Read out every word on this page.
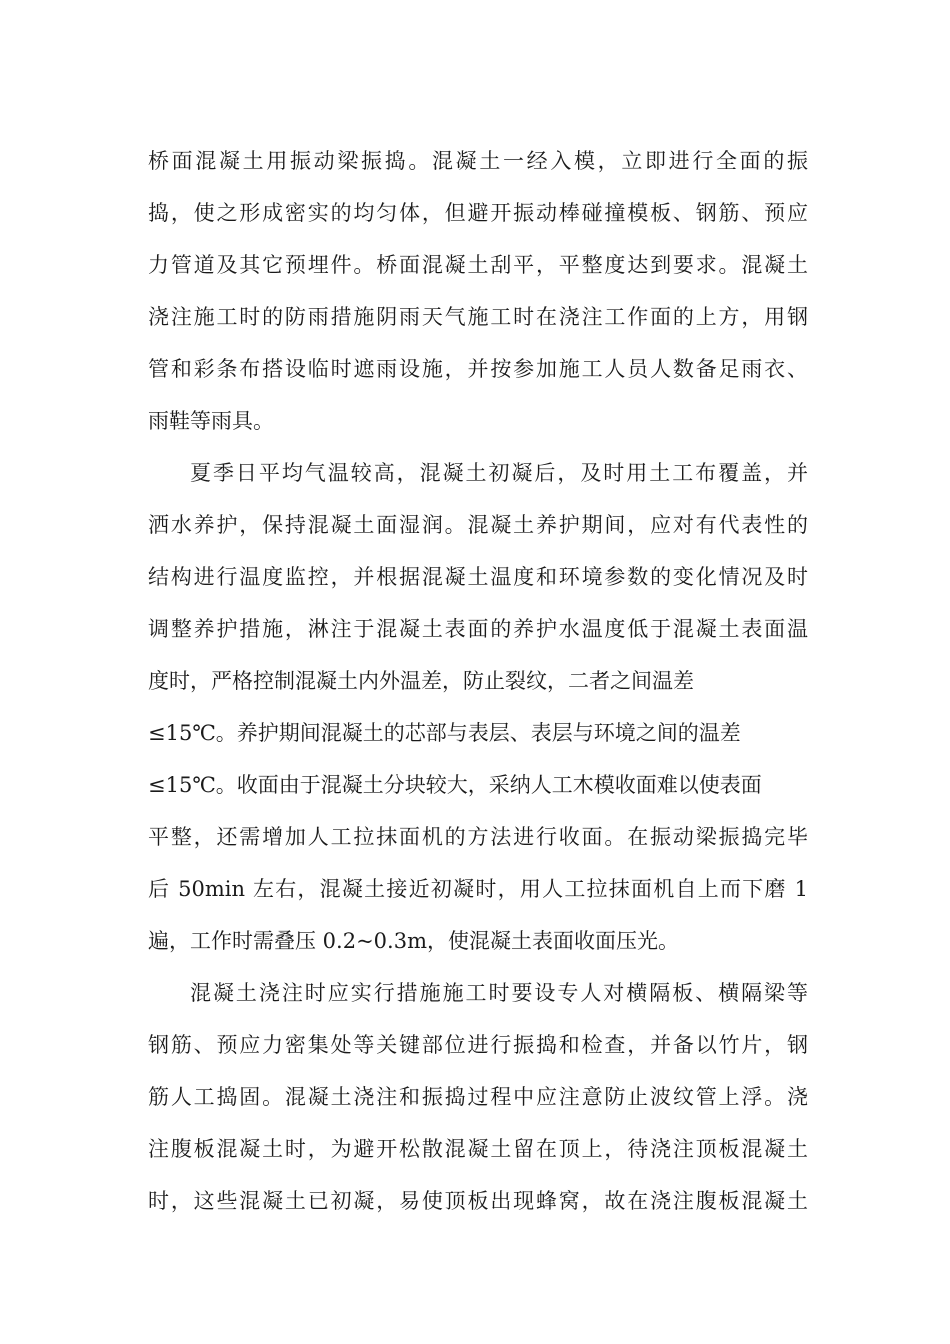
桥面混凝土用振动梁振捣。混凝土一经入模，立即进行全面的振
捣，使之形成密实的均匀体，但避开振动棒碰撞模板、钢筋、预应
力管道及其它预埋件。桥面混凝土刮平，平整度达到要求。混凝土
浇注施工时的防雨措施阴雨天气施工时在浇注工作面的上方，用钢
管和彩条布搭设临时遮雨设施，并按参加施工人员人数备足雨衣、
雨鞋等雨具。
夏季日平均气温较高，混凝土初凝后，及时用土工布覆盖，并
洒水养护，保持混凝土面湿润。混凝土养护期间，应对有代表性的
结构进行温度监控，并根据混凝土温度和环境参数的变化情况及时
调整养护措施，淋注于混凝土表面的养护水温度低于混凝土表面温
度时，严格控制混凝土内外温差，防止裂纹，二者之间温差
≤15℃。养护期间混凝土的芯部与表层、表层与环境之间的温差
≤15℃。收面由于混凝土分块较大，采纳人工木模收面难以使表面
平整，还需增加人工拉抹面机的方法进行收面。在振动梁振捣完毕
后 50min 左右，混凝土接近初凝时，用人工拉抹面机自上而下磨 1
遍，工作时需叠压 0.2~0.3m，使混凝土表面收面压光。
混凝土浇注时应实行措施施工时要设专人对横隔板、横隔梁等
钢筋、预应力密集处等关键部位进行振捣和检查，并备以竹片，钢
筋人工捣固。混凝土浇注和振捣过程中应注意防止波纹管上浮。浇
注腹板混凝土时，为避开松散混凝土留在顶上，待浇注顶板混凝土
时，这些混凝土已初凝，易使顶板出现蜂窝，故在浇注腹板混凝土
